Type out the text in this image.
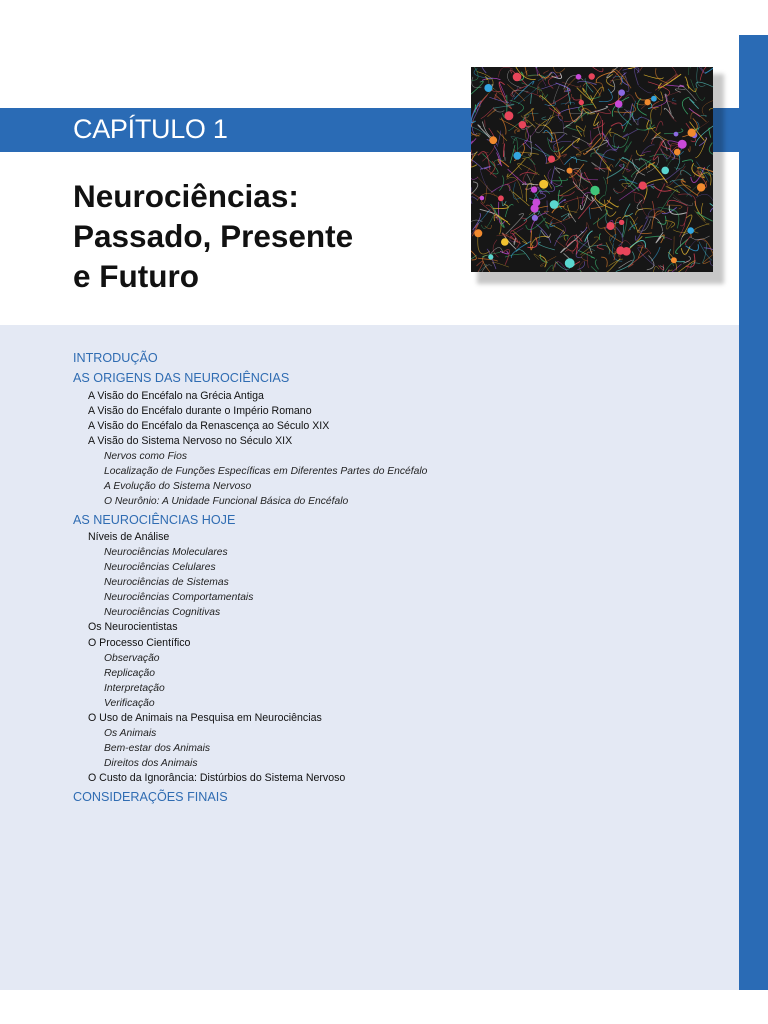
CAPÍTULO 1
Neurociências:
Passado, Presente
e Futuro
INTRODUÇÃO
AS ORIGENS DAS NEUROCIÊNCIAS
A Visão do Encéfalo na Grécia Antiga
A Visão do Encéfalo durante o Império Romano
A Visão do Encéfalo da Renascença ao Século XIX
A Visão do Sistema Nervoso no Século XIX
Nervos como Fios
Localização de Funções Específicas em Diferentes Partes do Encéfalo
A Evolução do Sistema Nervoso
O Neurônio: A Unidade Funcional Básica do Encéfalo
AS NEUROCIÊNCIAS HOJE
Níveis de Análise
Neurociências Moleculares
Neurociências Celulares
Neurociências de Sistemas
Neurociências Comportamentais
Neurociências Cognitivas
Os Neurocientistas
O Processo Científico
Observação
Replicação
Interpretação
Verificação
O Uso de Animais na Pesquisa em Neurociências
Os Animais
Bem-estar dos Animais
Direitos dos Animais
O Custo da Ignorância: Distúrbios do Sistema Nervoso
CONSIDERAÇÕES FINAIS
